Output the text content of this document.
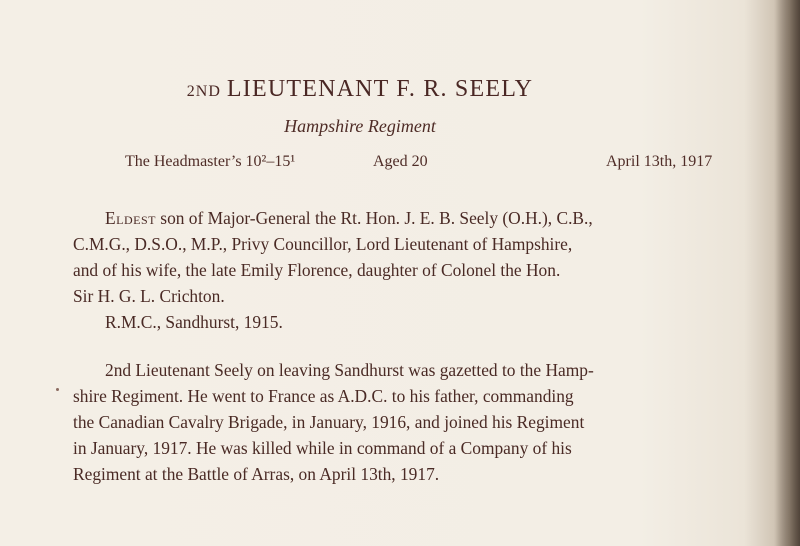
2ND LIEUTENANT F. R. SEELY
Hampshire Regiment
The Headmaster’s 10²–15¹	Aged 20	April 13th, 1917
Eldest son of Major-General the Rt. Hon. J. E. B. Seely (O.H.), C.B.,
C.M.G., D.S.O., M.P., Privy Councillor, Lord Lieutenant of Hampshire,
and of his wife, the late Emily Florence, daughter of Colonel the Hon.
Sir H. G. L. Crichton.
R.M.C., Sandhurst, 1915.
2nd Lieutenant Seely on leaving Sandhurst was gazetted to the Hamp-
shire Regiment. He went to France as A.D.C. to his father, commanding
the Canadian Cavalry Brigade, in January, 1916, and joined his Regiment
in January, 1917. He was killed while in command of a Company of his
Regiment at the Battle of Arras, on April 13th, 1917.
